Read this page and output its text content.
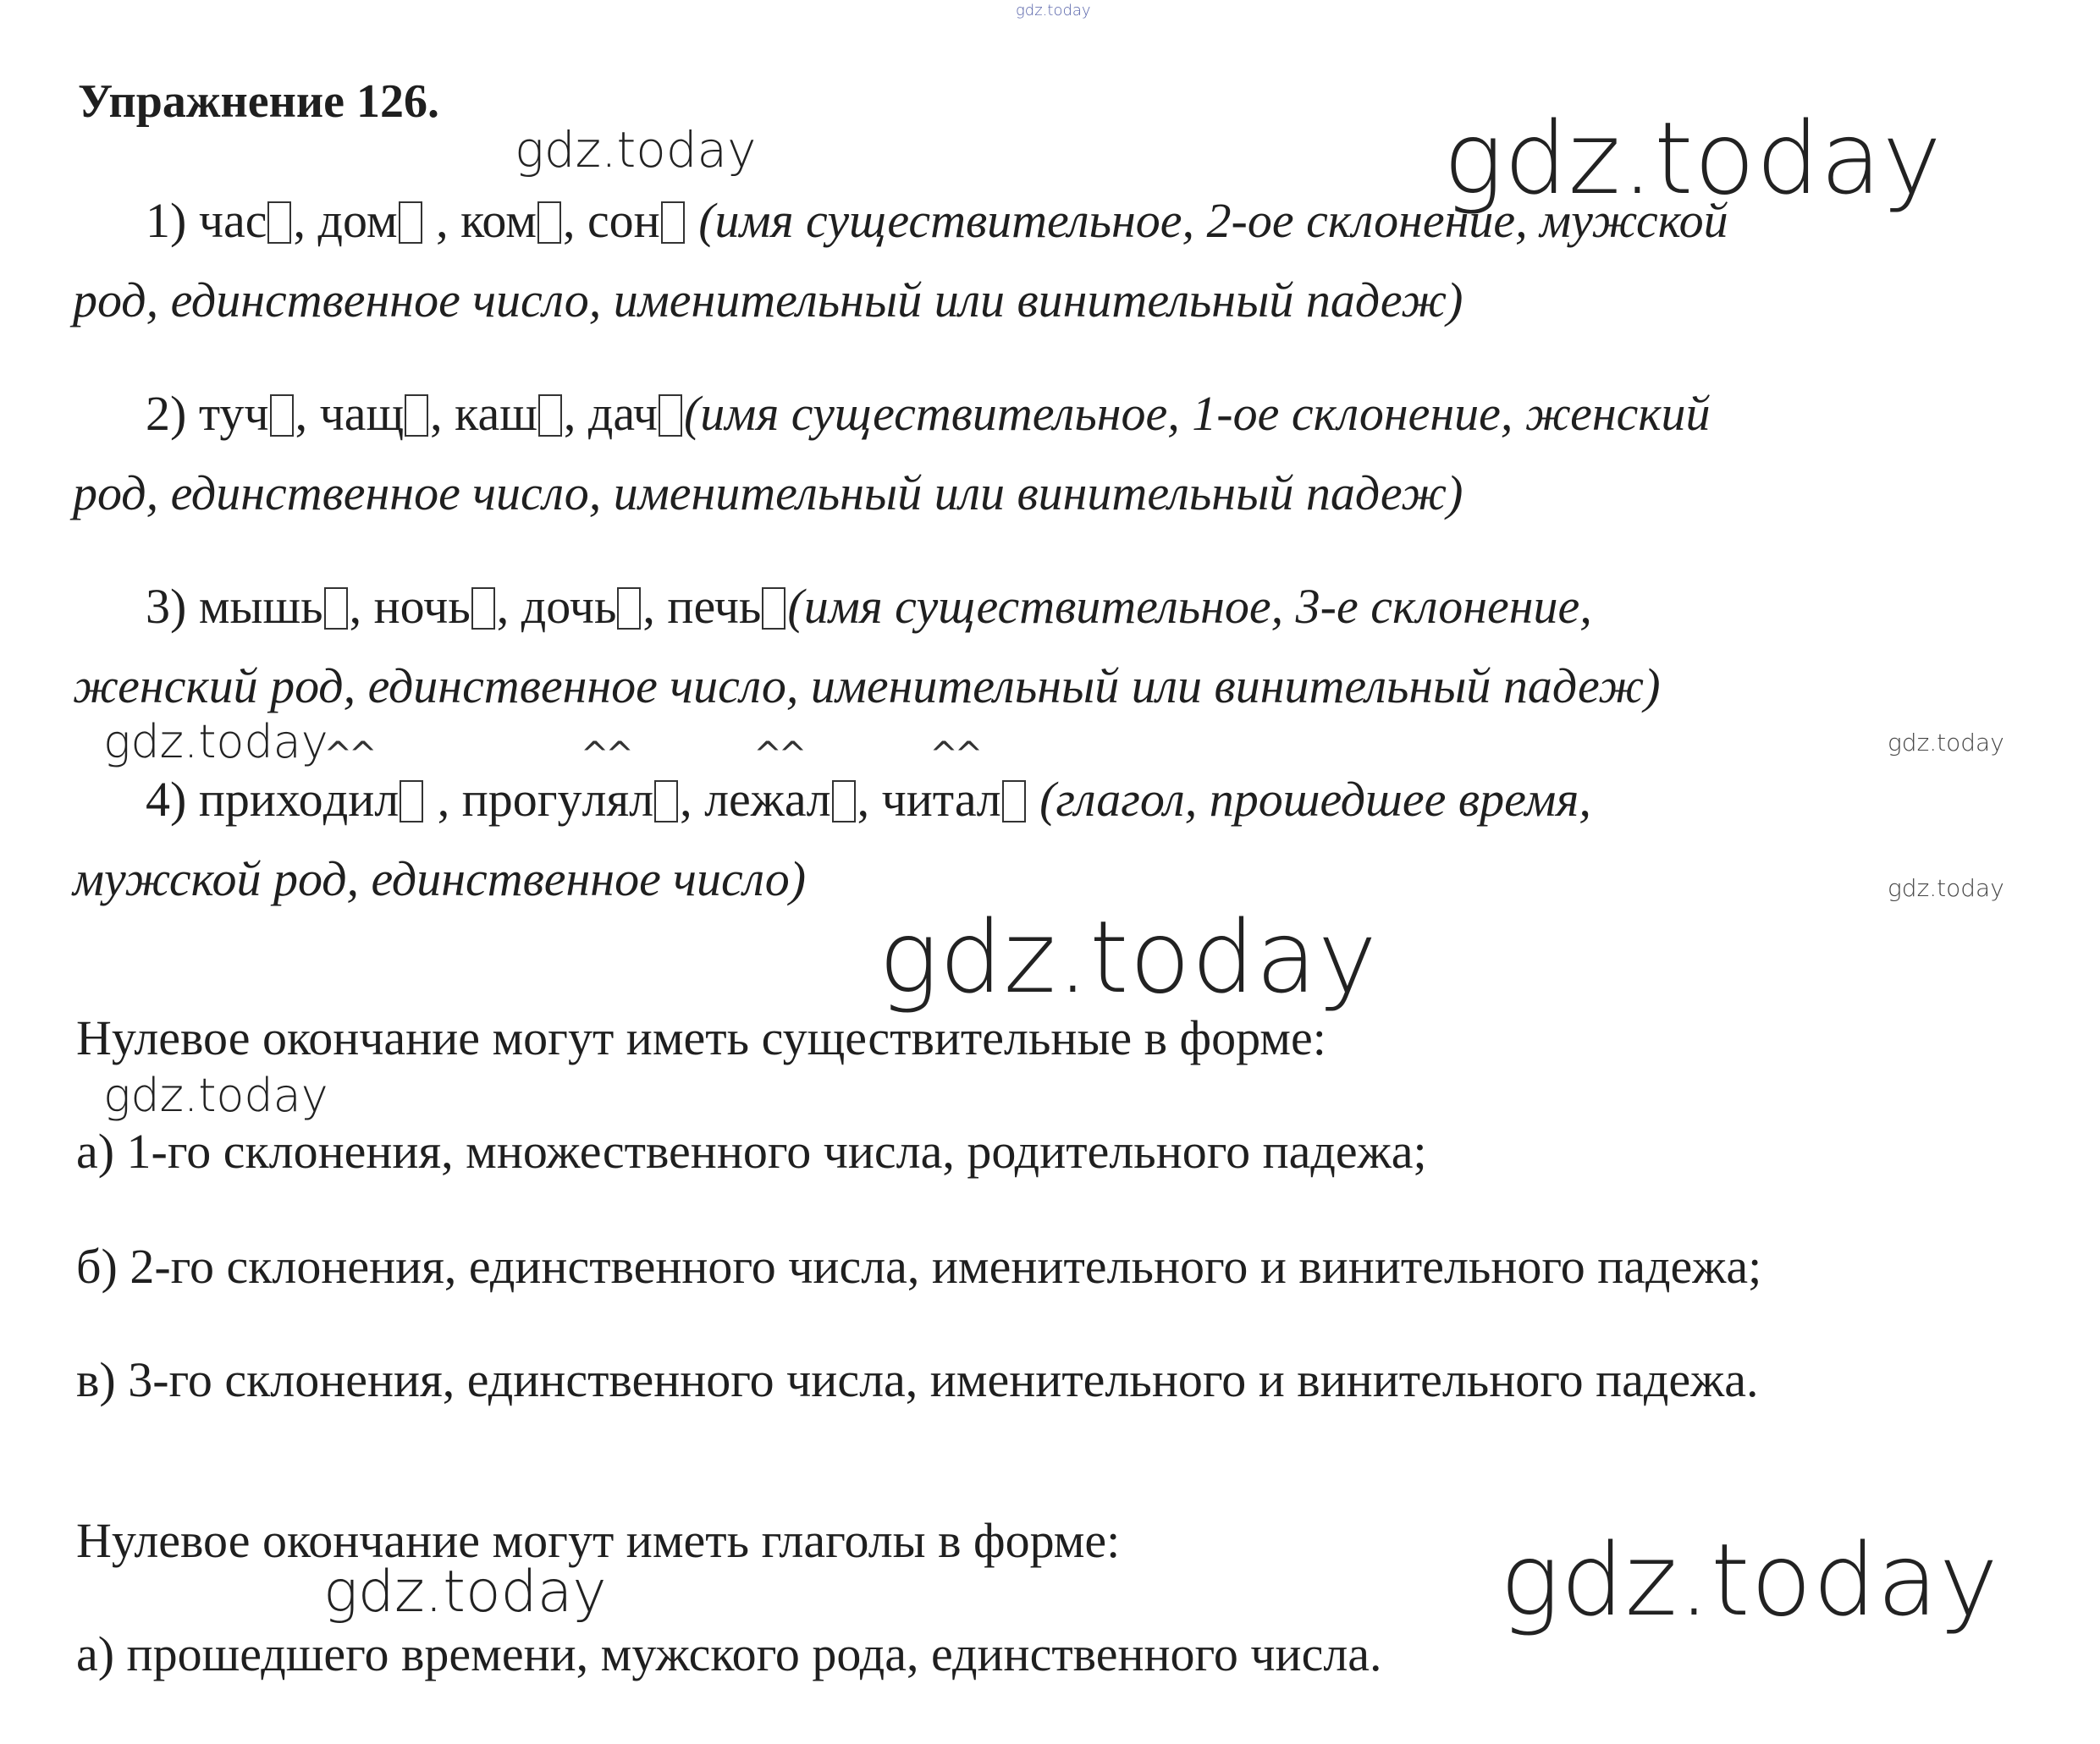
gdz.today
gdz.today	gdz.today
gdz.today	gdz.today
gdz.today
gdz.today
gdz.today
gdz.today	gdz.today
Упражнение 126.
1) час , дом , ком , сон (имя существительное, 2-ое склонение, мужской
род, единственное число, именительный или винительный падеж)
2) туч , чащ , каш , дач (имя существительное, 1-ое склонение, женский
род, единственное число, именительный или винительный падеж)
3) мышь , ночь , дочь , печь (имя существительное, 3-е склонение,
женский род, единственное число, именительный или винительный падеж)
4) прихо^^ дил , прогу^^ лял , ле^^ жал , чи^^ тал (глагол, прошедшее время,
мужской род, единственное число)
Нулевое окончание могут иметь существительные в форме:
а) 1-го склонения, множественного числа, родительного падежа;
б) 2-го склонения, единственного числа, именительного и винительного падежа;
в) 3-го склонения, единственного числа, именительного и винительного падежа.
Нулевое окончание могут иметь глаголы в форме:
а) прошедшего времени, мужского рода, единственного числа.
